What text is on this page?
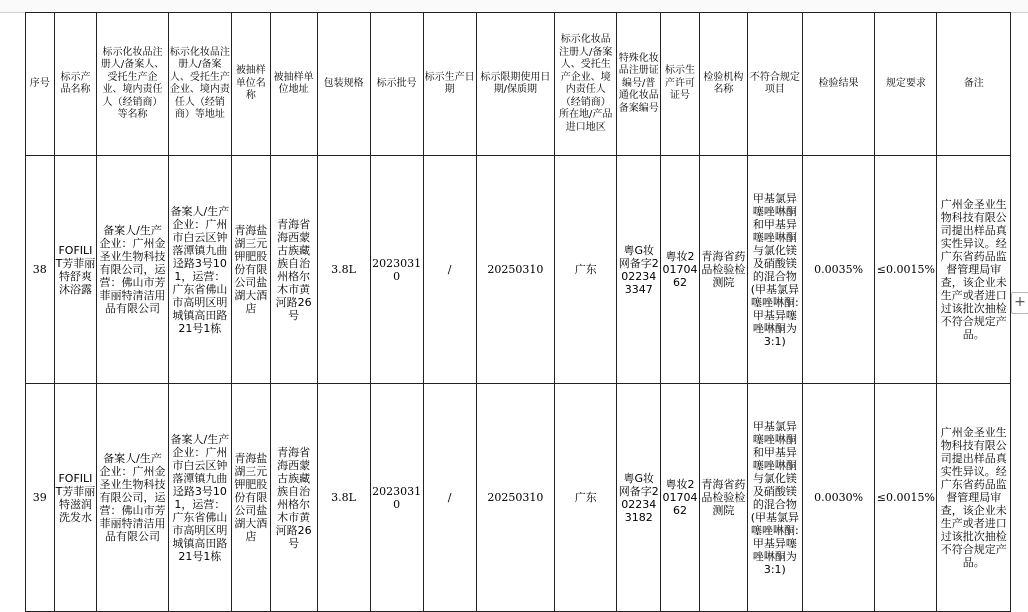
序号	标示产品名称	标示化妆品注册人/备案人、受托生产企业、境内责任人（经销商）等名称	标示化妆品注册人/备案人、受托生产企业、境内责任人（经销商）等地址	被抽样单位名称	被抽样单位地址	包装规格	标示批号	标示生产日期	标示限期使用日期/保质期	标示化妆品注册人/备案人、受托生产企业、境内责任人（经销商）所在地/产品进口地区	特殊化妆品注册证编号/普通化妆品备案编号	标示生产许可证号	检验机构名称	不符合规定项目	检验结果	规定要求	备注
38	FOFILIT芳菲丽特舒爽沐浴露	备案人/生产企业：广州金圣业生物科技有限公司，运营：佛山市芳菲丽特清洁用品有限公司	备案人/生产企业：广州市白云区钟落潭镇九曲迳路3号101，运营：广东省佛山市高明区明城镇高田路21号1栋	青海盐湖三元钾肥股份有限公司盐湖大酒店	青海省海西蒙古族藏族自治州格尔木市黄河路26号	3.8L	20230310	/	20250310	广东	粤G妆网备字2022343347	粤妆20170462	青海省药品检验检测院	甲基氯异噻唑啉酮和甲基异噻唑啉酮与氯化镁及硝酸镁的混合物(甲基氯异噻唑啉酮:甲基异噻唑啉酮为3:1)	0.0035%	≤0.0015%	广州金圣业生物科技有限公司提出样品真实性异议。经广东省药品监督管理局审查，该企业未生产或者进口过该批次抽检不符合规定产品。

39	FOFILIT芳菲丽特滋润洗发水	备案人/生产企业：广州金圣业生物科技有限公司，运营：佛山市芳菲丽特清洁用品有限公司	备案人/生产企业：广州市白云区钟落潭镇九曲迳路3号101，运营：广东省佛山市高明区明城镇高田路21号1栋	青海盐湖三元钾肥股份有限公司盐湖大酒店	青海省海西蒙古族藏族自治州格尔木市黄河路26号	3.8L	20230310	/	20250310	广东	粤G妆网备字2022343182	粤妆20170462	青海省药品检验检测院	甲基氯异噻唑啉酮和甲基异噻唑啉酮与氯化镁及硝酸镁的混合物(甲基氯异噻唑啉酮:甲基异噻唑啉酮为3:1)	0.0030%	≤0.0015%	广州金圣业生物科技有限公司提出样品真实性异议。经广东省药品监督管理局审查，该企业未生产或者进口过该批次抽检不符合规定产品。
+
